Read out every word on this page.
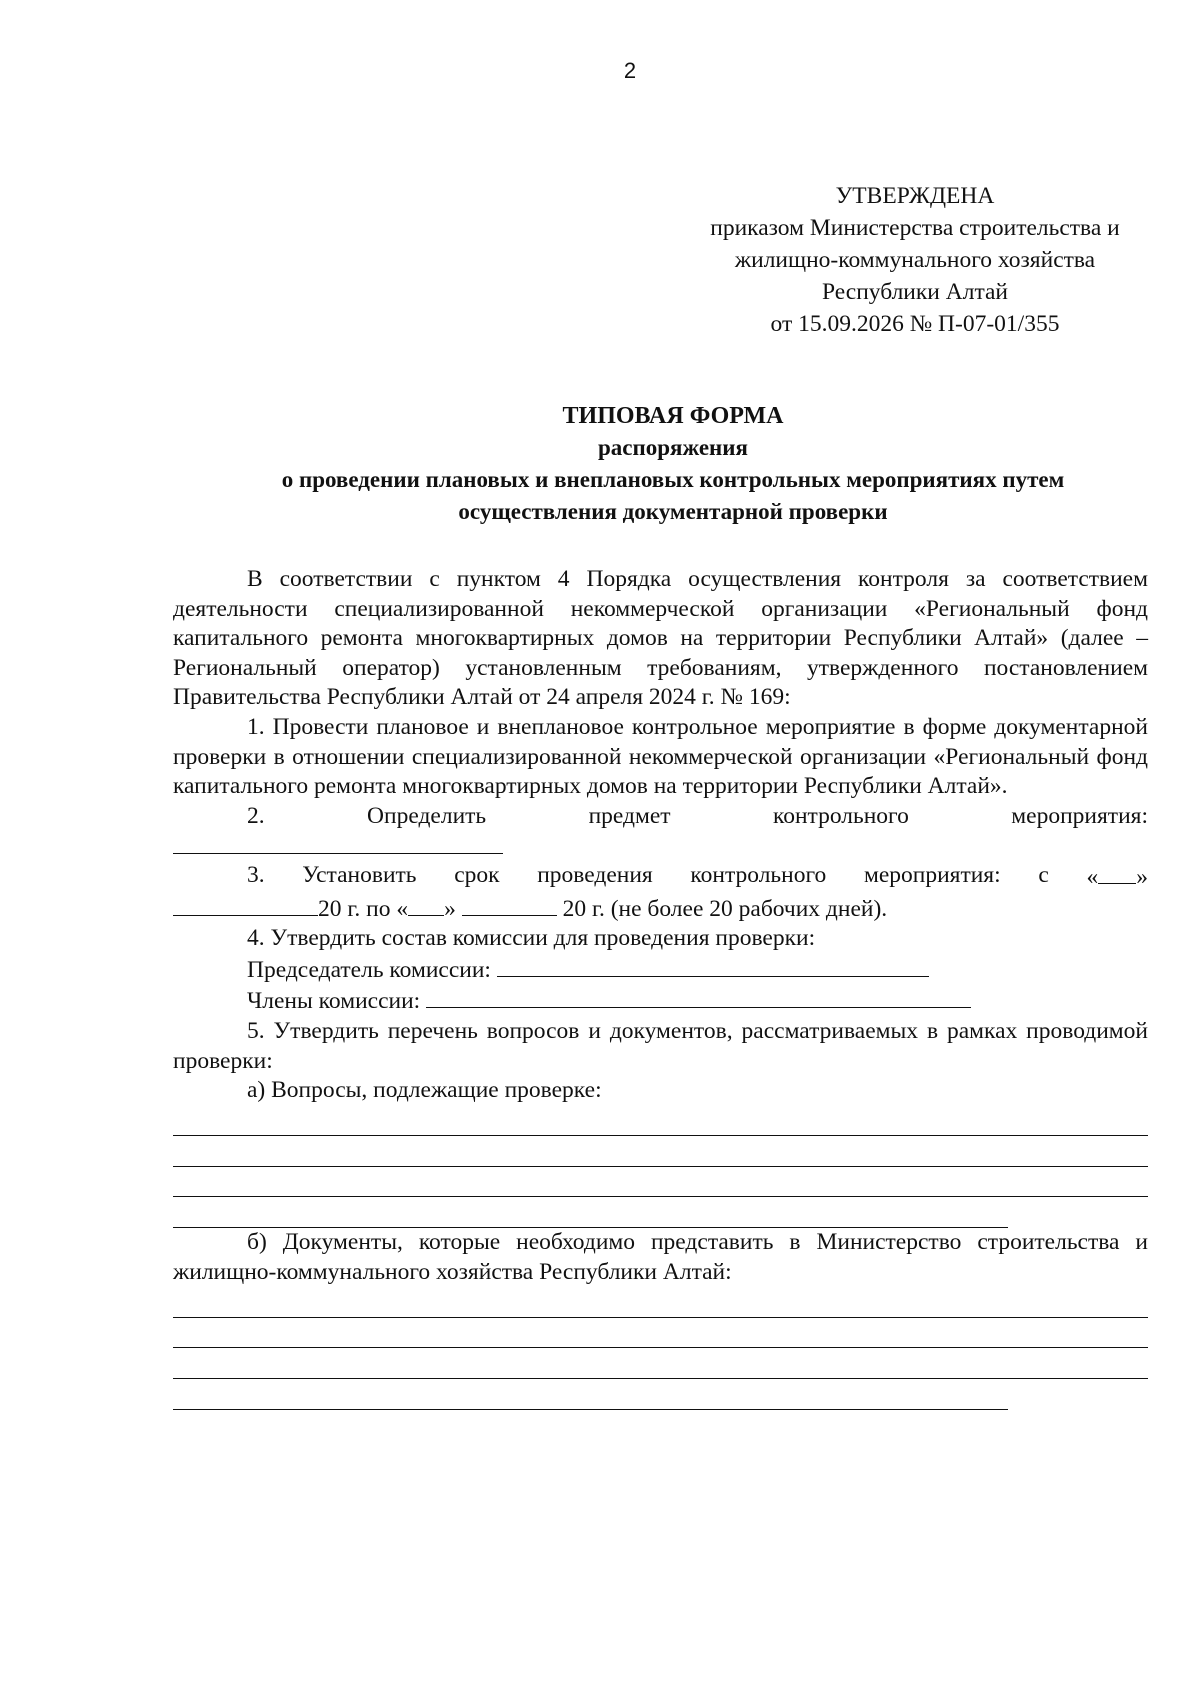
2
УТВЕРЖДЕНА
приказом Министерства строительства и
жилищно-коммунального хозяйства
Республики Алтай
от 15.09.2026 № П-07-01/355
ТИПОВАЯ ФОРМА
распоряжения
о проведении плановых и внеплановых контрольных мероприятиях путем
осуществления документарной проверки

В соответствии с пунктом 4 Порядка осуществления контроля за соответствием деятельности специализированной некоммерческой организации «Региональный фонд капитального ремонта многоквартирных домов на территории Республики Алтай» (далее – Региональный оператор) установленным требованиям, утвержденного постановлением Правительства Республики Алтай от 24 апреля 2024 г. № 169:

1. Провести плановое и внеплановое контрольное мероприятие в форме документарной проверки в отношении специализированной некоммерческой организации «Региональный фонд капитального ремонта многоквартирных домов на территории Республики Алтай».

2.	Определить	предмет	контрольного	мероприятия:
3. Установить срок проведения контрольного мероприятия: с « »
20 г. по « »	20 г. (не более 20 рабочих дней).
4. Утвердить состав комиссии для проведения проверки:
Председатель комиссии:
Члены комиссии:

5. Утвердить перечень вопросов и документов, рассматриваемых в рамках проводимой проверки:

а) Вопросы, подлежащие проверке:

б) Документы, которые необходимо представить в Министерство строительства и жилищно-коммунального хозяйства Республики Алтай:
